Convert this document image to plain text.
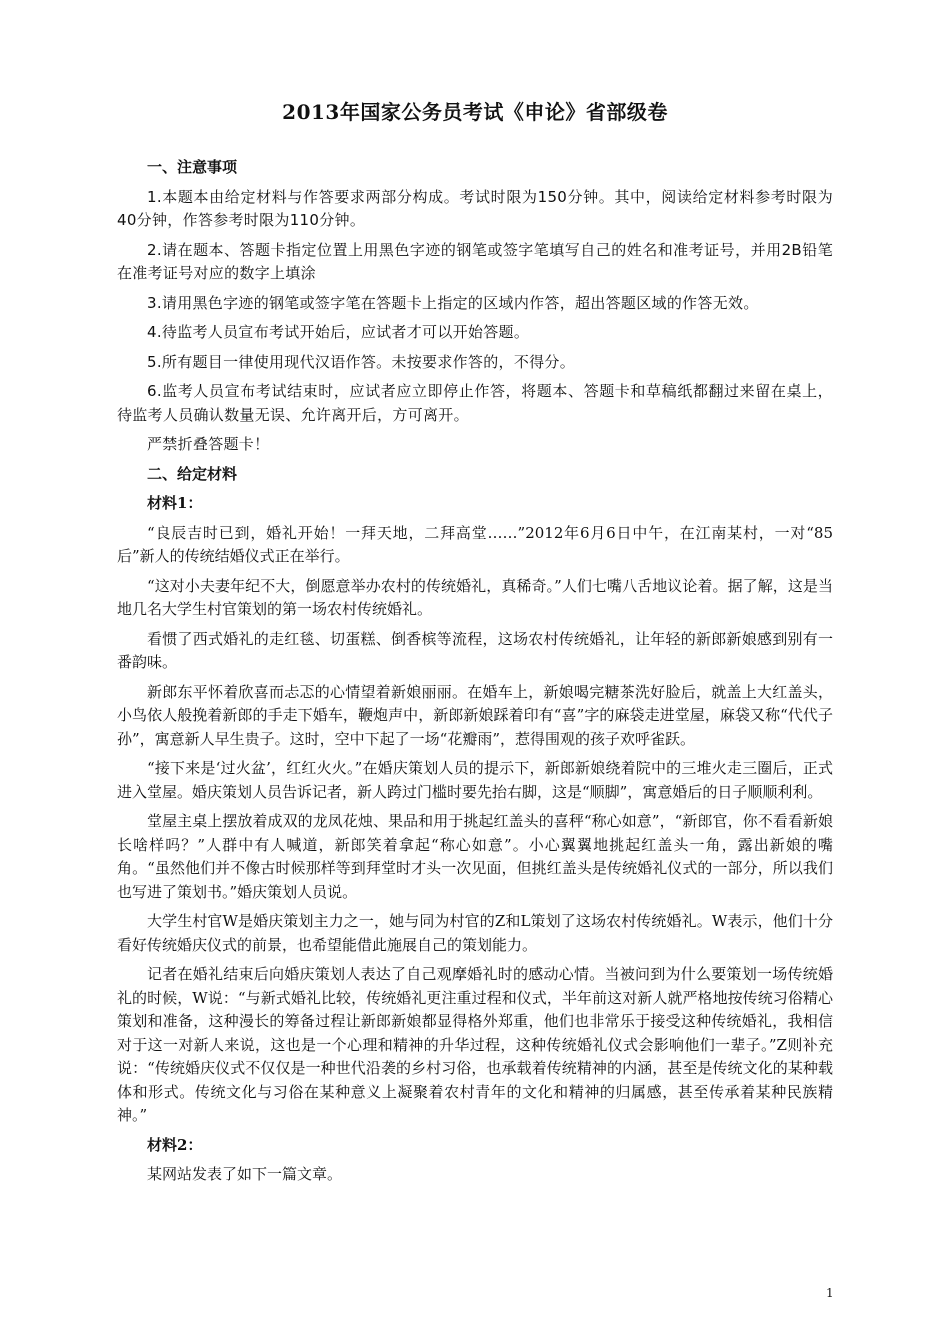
2013年国家公务员考试《申论》省部级卷
一、注意事项
1.本题本由给定材料与作答要求两部分构成。考试时限为150分钟。其中，阅读给定材料参考时限为40分钟，作答参考时限为110分钟。
2.请在题本、答题卡指定位置上用黑色字迹的钢笔或签字笔填写自己的姓名和准考证号，并用2B铅笔在准考证号对应的数字上填涂
3.请用黑色字迹的钢笔或签字笔在答题卡上指定的区域内作答，超出答题区域的作答无效。
4.待监考人员宣布考试开始后，应试者才可以开始答题。
5.所有题目一律使用现代汉语作答。未按要求作答的，不得分。
6.监考人员宣布考试结束时，应试者应立即停止作答，将题本、答题卡和草稿纸都翻过来留在桌上，待监考人员确认数量无误、允许离开后，方可离开。
严禁折叠答题卡！
二、给定材料
材料1：
“良辰吉时已到，婚礼开始！一拜天地，二拜高堂……”2012年6月6日中午，在江南某村，一对“85后”新人的传统结婚仪式正在举行。
“这对小夫妻年纪不大，倒愿意举办农村的传统婚礼，真稀奇。”人们七嘴八舌地议论着。据了解，这是当地几名大学生村官策划的第一场农村传统婚礼。
看惯了西式婚礼的走红毯、切蛋糕、倒香槟等流程，这场农村传统婚礼，让年轻的新郎新娘感到别有一番韵味。
新郎东平怀着欣喜而忐忑的心情望着新娘丽丽。在婚车上，新娘喝完糖茶洗好脸后，就盖上大红盖头，小鸟依人般挽着新郎的手走下婚车，鞭炮声中，新郎新娘踩着印有“喜”字的麻袋走进堂屋，麻袋又称“代代子孙”，寓意新人早生贵子。这时，空中下起了一场“花瓣雨”，惹得围观的孩子欢呼雀跃。
“接下来是‘过火盆’，红红火火。”在婚庆策划人员的提示下，新郎新娘绕着院中的三堆火走三圈后，正式进入堂屋。婚庆策划人员告诉记者，新人跨过门槛时要先抬右脚，这是“顺脚”，寓意婚后的日子顺顺利利。
堂屋主桌上摆放着成双的龙凤花烛、果品和用于挑起红盖头的喜秤“称心如意”，“新郎官，你不看看新娘长啥样吗？”人群中有人喊道，新郎笑着拿起“称心如意”。小心翼翼地挑起红盖头一角，露出新娘的嘴角。“虽然他们并不像古时候那样等到拜堂时才头一次见面，但挑红盖头是传统婚礼仪式的一部分，所以我们也写进了策划书。”婚庆策划人员说。
大学生村官W是婚庆策划主力之一，她与同为村官的Z和L策划了这场农村传统婚礼。W表示，他们十分看好传统婚庆仪式的前景，也希望能借此施展自己的策划能力。
记者在婚礼结束后向婚庆策划人表达了自己观摩婚礼时的感动心情。当被问到为什么要策划一场传统婚礼的时候，W说：“与新式婚礼比较，传统婚礼更注重过程和仪式，半年前这对新人就严格地按传统习俗精心策划和准备，这种漫长的筹备过程让新郎新娘都显得格外郑重，他们也非常乐于接受这种传统婚礼，我相信对于这一对新人来说，这也是一个心理和精神的升华过程，这种传统婚礼仪式会影响他们一辈子。”Z则补充说：“传统婚庆仪式不仅仅是一种世代沿袭的乡村习俗，也承载着传统精神的内涵，甚至是传统文化的某种载体和形式。传统文化与习俗在某种意义上凝聚着农村青年的文化和精神的归属感，甚至传承着某种民族精神。”
材料2：
某网站发表了如下一篇文章。
1
